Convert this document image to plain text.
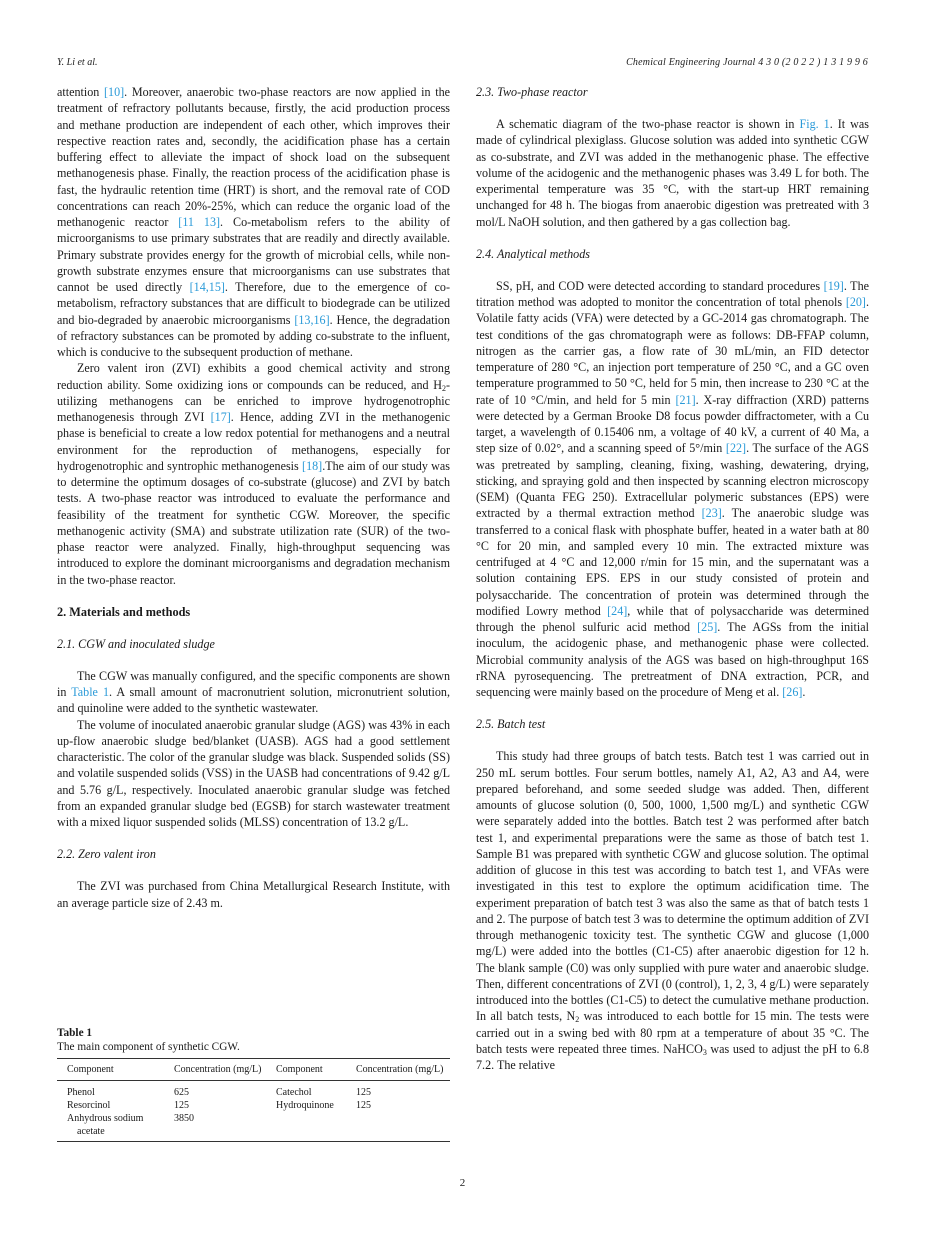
Y. Li et al.	Chemical Engineering Journal 4 3 0 (2 0 2 2 ) 1 3 1 9 9 6

attention [10]. Moreover, anaerobic two-phase reactors are now applied in the treatment of refractory pollutants because, firstly, the acid production process and methane production are independent of each other, which improves their respective reaction rates and, secondly, the acidification phase has a certain buffering effect to alleviate the impact of shock load on the subsequent methanogenesis phase. Finally, the reaction process of the acidification phase is fast, the hydraulic retention time (HRT) is short, and the removal rate of COD concentrations can reach 20%-25%, which can reduce the organic load of the methanogenic reactor [11 13]. Co-metabolism refers to the ability of microorganisms to use primary substrates that are readily and directly available. Primary substrate provides energy for the growth of microbial cells, while non-growth substrate enzymes ensure that microorganisms can use substrates that cannot be used directly [14,15]. Therefore, due to the emergence of co-metabolism, refractory substances that are difficult to biodegrade can be utilized and bio-degraded by anaerobic microorganisms [13,16]. Hence, the degradation of refractory substances can be promoted by adding co-substrate to the influent, which is conducive to the subsequent production of methane.

Zero valent iron (ZVI) exhibits a good chemical activity and strong reduction ability. Some oxidizing ions or compounds can be reduced, and $H_2$-utilizing methanogens can be enriched to improve hydrogenotrophic methanogenesis through ZVI [17]. Hence, adding ZVI in the methanogenic phase is beneficial to create a low redox potential for methanogens and a neutral environment for the reproduction of methanogens, especially for hydrogenotrophic and syntrophic methanogenesis [18].The aim of our study was to determine the optimum dosages of co-substrate (glucose) and ZVI by batch tests. A two-phase reactor was introduced to evaluate the performance and feasibility of the treatment for synthetic CGW. Moreover, the specific methanogenic activity (SMA) and substrate utilization rate (SUR) of the two-phase reactor were analyzed. Finally, high-throughput sequencing was introduced to explore the dominant microorganisms and degradation mechanism in the two-phase reactor.

2. Materials and methods
2.1. CGW and inoculated sludge

The CGW was manually configured, and the specific components are shown in Table 1. A small amount of macronutrient solution, micronutrient solution, and quinoline were added to the synthetic wastewater.

The volume of inoculated anaerobic granular sludge (AGS) was 43% in each up-flow anaerobic sludge bed/blanket (UASB). AGS had a good settlement characteristic. The color of the granular sludge was black. Suspended solids (SS) and volatile suspended solids (VSS) in the UASB had concentrations of 9.42 g/L and 5.76 g/L, respectively. Inoculated anaerobic granular sludge was fetched from an expanded granular sludge bed (EGSB) for starch wastewater treatment with a mixed liquor suspended solids (MLSS) concentration of 13.2 g/L.

2.2. Zero valent iron

The ZVI was purchased from China Metallurgical Research Institute, with an average particle size of 2.43 m.

Table 1
The main component of synthetic CGW.
Component	Concentration (mg/L)	Component	Concentration (mg/L)
Phenol	625	Catechol	125
Resorcinol	125	Hydroquinone	125

Anhydrous sodium acetate	3850		
2.3. Two-phase reactor

A schematic diagram of the two-phase reactor is shown in Fig. 1. It was made of cylindrical plexiglass. Glucose solution was added into synthetic CGW as co-substrate, and ZVI was added in the methanogenic phase. The effective volume of the acidogenic and the methanogenic phases was 3.49 L for both. The experimental temperature was 35 °C, with the start-up HRT remaining unchanged for 48 h. The biogas from anaerobic digestion was pretreated with 3 mol/L NaOH solution, and then gathered by a gas collection bag.

2.4. Analytical methods

SS, pH, and COD were detected according to standard procedures [19]. The titration method was adopted to monitor the concentration of total phenols [20]. Volatile fatty acids (VFA) were detected by a GC-2014 gas chromatograph. The test conditions of the gas chromatograph were as follows: DB-FFAP column, nitrogen as the carrier gas, a flow rate of 30 mL/min, an FID detector temperature of 280 °C, an injection port temperature of 250 °C, and a GC oven temperature programmed to 50 °C, held for 5 min, then increase to 230 °C at the rate of 10 °C/min, and held for 5 min [21]. X-ray diffraction (XRD) patterns were detected by a German Brooke D8 focus powder diffractometer, with a Cu target, a wavelength of 0.15406 nm, a voltage of 40 kV, a current of 40 Ma, a step size of 0.02°, and a scanning speed of 5°/min [22]. The surface of the AGS was pretreated by sampling, cleaning, fixing, washing, dewatering, drying, sticking, and spraying gold and then inspected by scanning electron microscopy (SEM) (Quanta FEG 250). Extracellular polymeric substances (EPS) were extracted by a thermal extraction method [23]. The anaerobic sludge was transferred to a conical flask with phosphate buffer, heated in a water bath at 80 °C for 20 min, and sampled every 10 min. The extracted mixture was centrifuged at 4 °C and 12,000 r/min for 15 min, and the supernatant was a solution containing EPS. EPS in our study consisted of protein and polysaccharide. The concentration of protein was determined through the modified Lowry method [24], while that of polysaccharide was determined through the phenol sulfuric acid method [25]. The AGSs from the initial inoculum, the acidogenic phase, and methanogenic phase were collected. Microbial community analysis of the AGS was based on high-throughput 16S rRNA pyrosequencing. The pretreatment of DNA extraction, PCR, and sequencing were mainly based on the procedure of Meng et al. [26].

2.5. Batch test

This study had three groups of batch tests. Batch test 1 was carried out in 250 mL serum bottles. Four serum bottles, namely A1, A2, A3 and A4, were prepared beforehand, and some seeded sludge was added. Then, different amounts of glucose solution (0, 500, 1000, 1,500 mg/L) and synthetic CGW were separately added into the bottles. Batch test 2 was performed after batch test 1, and experimental preparations were the same as those of batch test 1. Sample B1 was prepared with synthetic CGW and glucose solution. The optimal addition of glucose in this test was according to batch test 1, and VFAs were investigated in this test to explore the optimum acidification time. The experiment preparation of batch test 3 was also the same as that of batch tests 1 and 2. The purpose of batch test 3 was to determine the optimum addition of ZVI through methanogenic toxicity test. The synthetic CGW and glucose (1,000 mg/L) were added into the bottles (C1-C5) after anaerobic digestion for 12 h. The blank sample (C0) was only supplied with pure water and anaerobic sludge. Then, different concentrations of ZVI (0 (control), 1, 2, 3, 4 g/L) were separately introduced into the bottles (C1-C5) to detect the cumulative methane production. In all batch tests, $N_2$ was introduced to each bottle for 15 min. The tests were carried out in a swing bed with 80 rpm at a temperature of about 35 °C. The batch tests were repeated three times. NaHCO$_3$ was used to adjust the pH to 6.8 7.2. The relative

2
